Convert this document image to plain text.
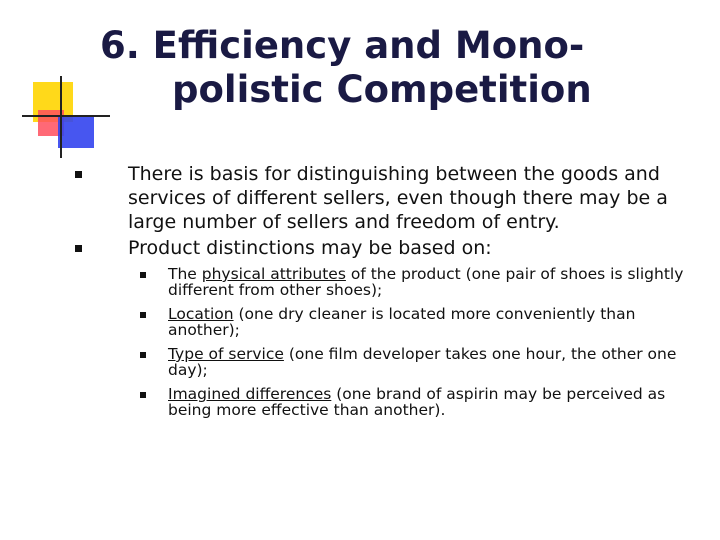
6. Efficiency and Mono-
polistic Competition
There is basis for distinguishing between the goods and services of different sellers, even though there may be a large number of sellers and freedom of entry.
Product distinctions may be based on:
The physical attributes of the product (one pair of shoes is slightly different from other shoes);
Location (one dry cleaner is located more conveniently than another);
Type of service (one film developer takes one hour, the other one day);
Imagined differences (one brand of aspirin may be perceived as being more effective than another).
